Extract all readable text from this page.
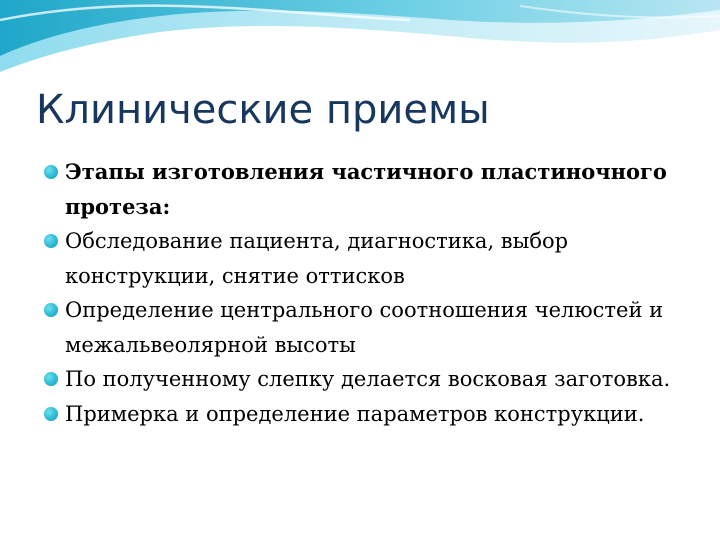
Клинические приемы
Этапы изготовления частичного пластиночного протеза:
Обследование пациента, диагностика, выбор конструкции, снятие оттисков
Определение центрального соотношения челюстей и межальвеолярной высоты
По полученному слепку делается восковая заготовка.
Примерка и определение параметров конструкции.
